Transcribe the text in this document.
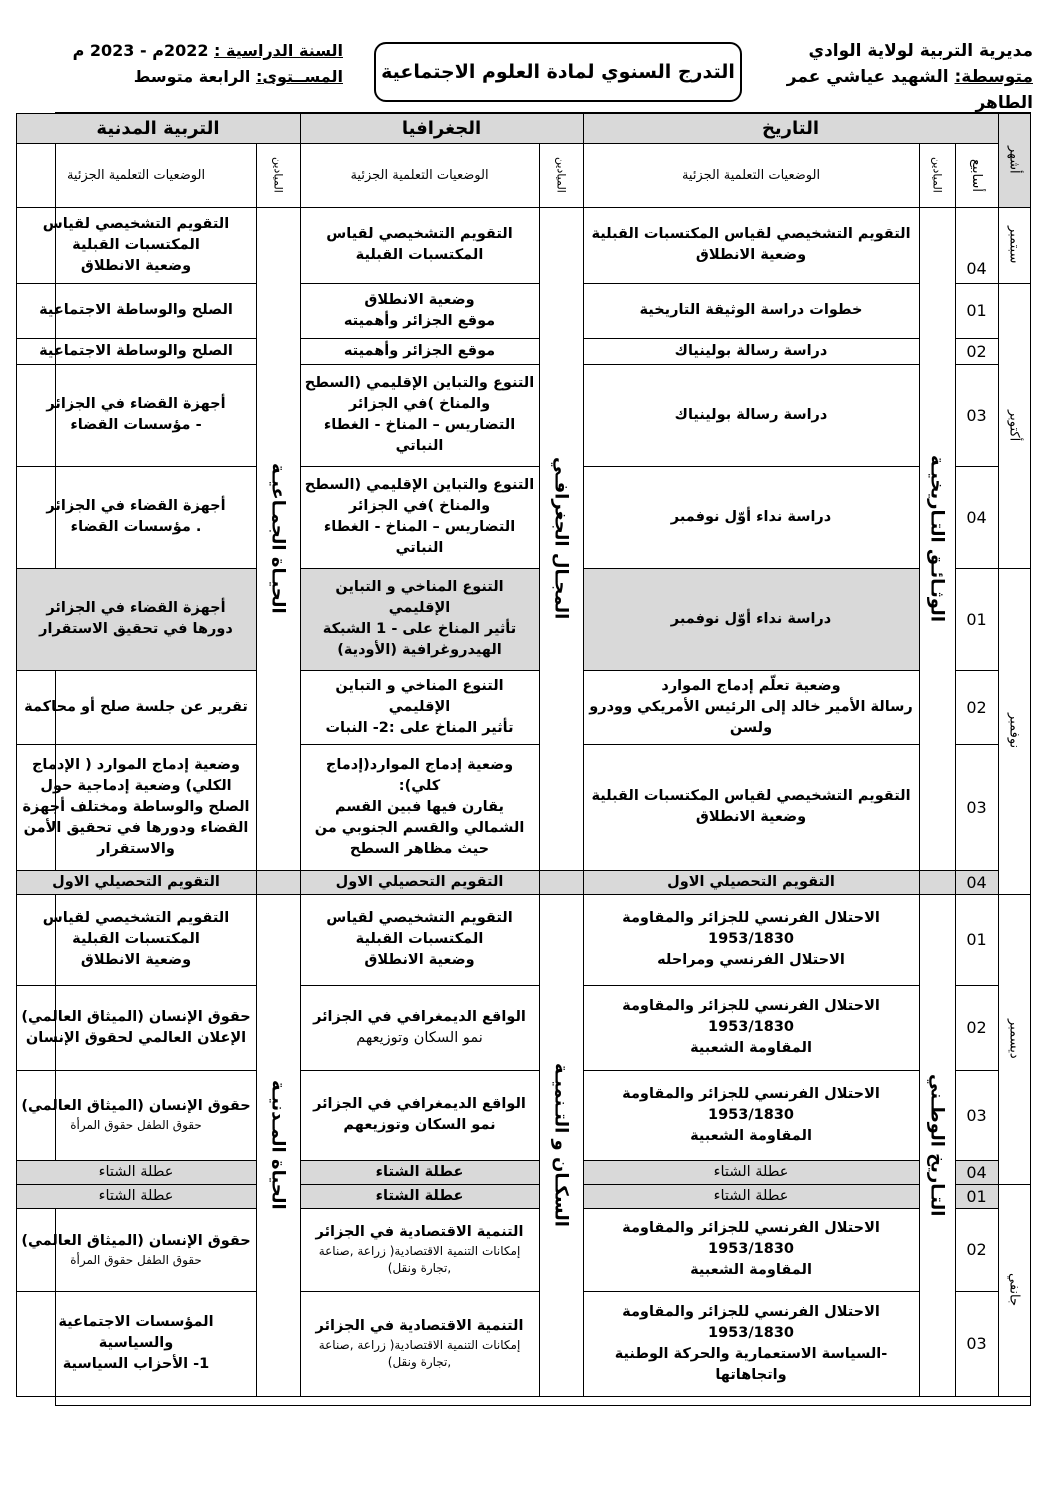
مديرية التربية لولاية الوادي
متوسطة: الشهيد عياشي عمر الطاهر
التدرج السنوي لمادة العلوم الاجتماعية
السنة الدراسية : 2022م - 2023 م
المســتوى: الرابعة متوسط
أشهر
التاريخ
الجغرافيا
التربية المدنية
أسابيع
الميادين
الوضعيات التعلمية الجزئية
الميادين
الوضعيات التعلمية الجزئية
الميادين
الوضعيات التعلمية الجزئية
سبتمبر
أكتوبر
نوفمبر
ديسمبر
جانفي
الوثـائـق التـاريخيـة
التـاريخ الوطـني
المجـال الجغرافـي
السكـان و التـنميـة
الحيـاة الجمـاعيـة
الحياة المـدنيـة
04
التقويم التشخيصي لقياس المكتسبات القبلية
وضعية الانطلاق
التقويم التشخيصي لقياس المكتسبات القبلية
التقويم التشخيصي لقياس المكتسبات القبلية
وضعية الانطلاق
01
خطوات دراسة الوثيقة التاريخية
وضعية الانطلاق
موقع الجزائر وأهميته
الصلح والوساطة الاجتماعية
02
دراسة رسالة بولينياك
موقع الجزائر وأهميته
الصلح والوساطة الاجتماعية
03
دراسة رسالة بولينياك
التنوع والتباين الإقليمي (السطح والمناخ )في الجزائر
التضاريس – المناخ - الغطاء النباتي
أجهزة القضاء في الجزائر
- مؤسسات القضاء
04
دراسة نداء أوّل نوفمبر
التنوع والتباين الإقليمي (السطح والمناخ )في الجزائر
التضاريس – المناخ - الغطاء النباتي
أجهزة القضاء في الجزائر
. مؤسسات القضاء
01
دراسة نداء أوّل نوفمبر
التنوع المناخي و التباين الإقليمي
تأثير المناخ على - 1 الشبكة الهيدروغرافية (الأودية)
أجهزة القضاء في الجزائر
دورها في تحقيق الاستقرار
02
وضعية تعلّم إدماج الموارد
رسالة الأمير خالد إلى الرئيس الأمريكي وودرو ولسن
التنوع المناخي و التباين الإقليمي
تأثير المناخ على :2- النبات
تقرير عن جلسة صلح أو محاكمة
03
التقويم التشخيصي لقياس المكتسبات القبلية
وضعية الانطلاق
وضعية إدماج الموارد(إدماج كلي):
يقارن فيها فبين القسم الشمالي والقسم الجنوبي من حيث مظاهر السطح
وضعية إدماج الموارد ( الإدماج الكلي) وضعية إدماجية حول الصلح والوساطة ومختلف أجهزة القضاء ودورها في تحقيق الأمن والاستقرار
04
التقويم التحصيلي الاول
التقويم التحصيلي الاول
التقويم التحصيلي الاول
01
الاحتلال الفرنسي للجزائر والمقاومة
1953/1830
الاحتلال الفرنسي ومراحله
التقويم التشخيصي لقياس المكتسبات القبلية
وضعية الانطلاق
التقويم التشخيصي لقياس المكتسبات القبلية
وضعية الانطلاق
02
الاحتلال الفرنسي للجزائر والمقاومة
1953/1830
المقاومة الشعبية
الواقع الديمغرافي في الجزائر
نمو السكان وتوزيعهم
حقوق الإنسان (الميثاق العالمي)
الإعلان العالمي لحقوق الإنسان
03
الاحتلال الفرنسي للجزائر والمقاومة
1953/1830
المقاومة الشعبية
الواقع الديمغرافي في الجزائر
نمو السكان وتوزيعهم
حقوق الإنسان (الميثاق العالمي)
حقوق الطفل حقوق المرأة
04
عطلة الشتاء
عطلة الشتاء
عطلة الشتاء
01
عطلة الشتاء
عطلة الشتاء
عطلة الشتاء
02
الاحتلال الفرنسي للجزائر والمقاومة
1953/1830
المقاومة الشعبية
التنمية الاقتصادية في الجزائر
إمكانات التنمية الاقتصادية( زراعة ,صناعة ,تجارة ونقل)
حقوق الإنسان (الميثاق العالمي)
حقوق الطفل حقوق المرأة
03
الاحتلال الفرنسي للجزائر والمقاومة
1953/1830
-السياسة الاستعمارية والحركة الوطنية واتجاهاتها
التنمية الاقتصادية في الجزائر
إمكانات التنمية الاقتصادية( زراعة ,صناعة ,تجارة ونقل)
المؤسسات الاجتماعية والسياسية
1- الأحزاب السياسية
